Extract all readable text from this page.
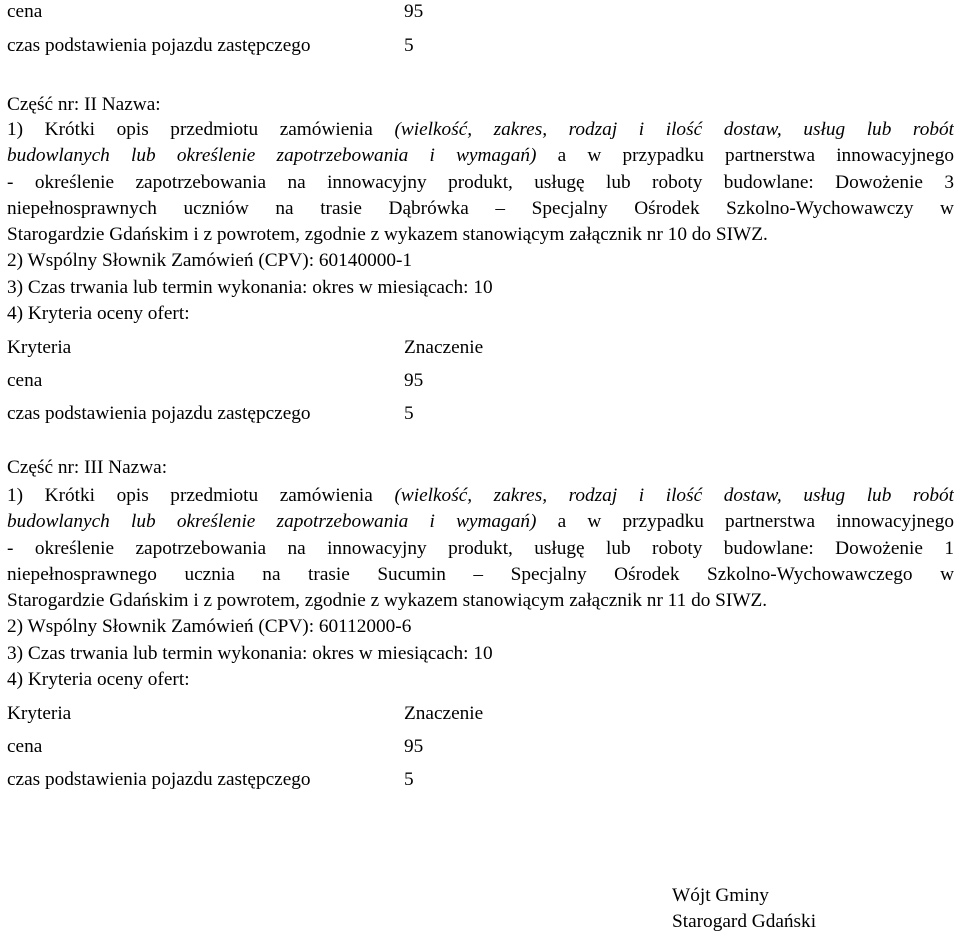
cena	95
czas podstawienia pojazdu zastępczego	5
Część nr: II Nazwa:
1) Krótki opis przedmiotu zamówienia (wielkość, zakres, rodzaj i ilość dostaw, usług lub robót
budowlanych lub określenie zapotrzebowania i wymagań) a w przypadku partnerstwa innowacyjnego
- określenie zapotrzebowania na innowacyjny produkt, usługę lub roboty budowlane: Dowożenie 3
niepełnosprawnych uczniów na trasie Dąbrówka – Specjalny Ośrodek Szkolno-Wychowawczy w
Starogardzie Gdańskim i z powrotem, zgodnie z wykazem stanowiącym załącznik nr 10 do SIWZ.
2) Wspólny Słownik Zamówień (CPV): 60140000-1
3) Czas trwania lub termin wykonania: okres w miesiącach: 10
4) Kryteria oceny ofert:
Kryteria	Znaczenie
cena	95
czas podstawienia pojazdu zastępczego	5
Część nr: III Nazwa:
1) Krótki opis przedmiotu zamówienia (wielkość, zakres, rodzaj i ilość dostaw, usług lub robót
budowlanych lub określenie zapotrzebowania i wymagań) a w przypadku partnerstwa innowacyjnego
- określenie zapotrzebowania na innowacyjny produkt, usługę lub roboty budowlane: Dowożenie 1
niepełnosprawnego ucznia na trasie Sucumin – Specjalny Ośrodek Szkolno-Wychowawczego w
Starogardzie Gdańskim i z powrotem, zgodnie z wykazem stanowiącym załącznik nr 11 do SIWZ.
2) Wspólny Słownik Zamówień (CPV): 60112000-6
3) Czas trwania lub termin wykonania: okres w miesiącach: 10
4) Kryteria oceny ofert:
Kryteria	Znaczenie
cena	95
czas podstawienia pojazdu zastępczego	5
Wójt Gminy
Starogard Gdański
